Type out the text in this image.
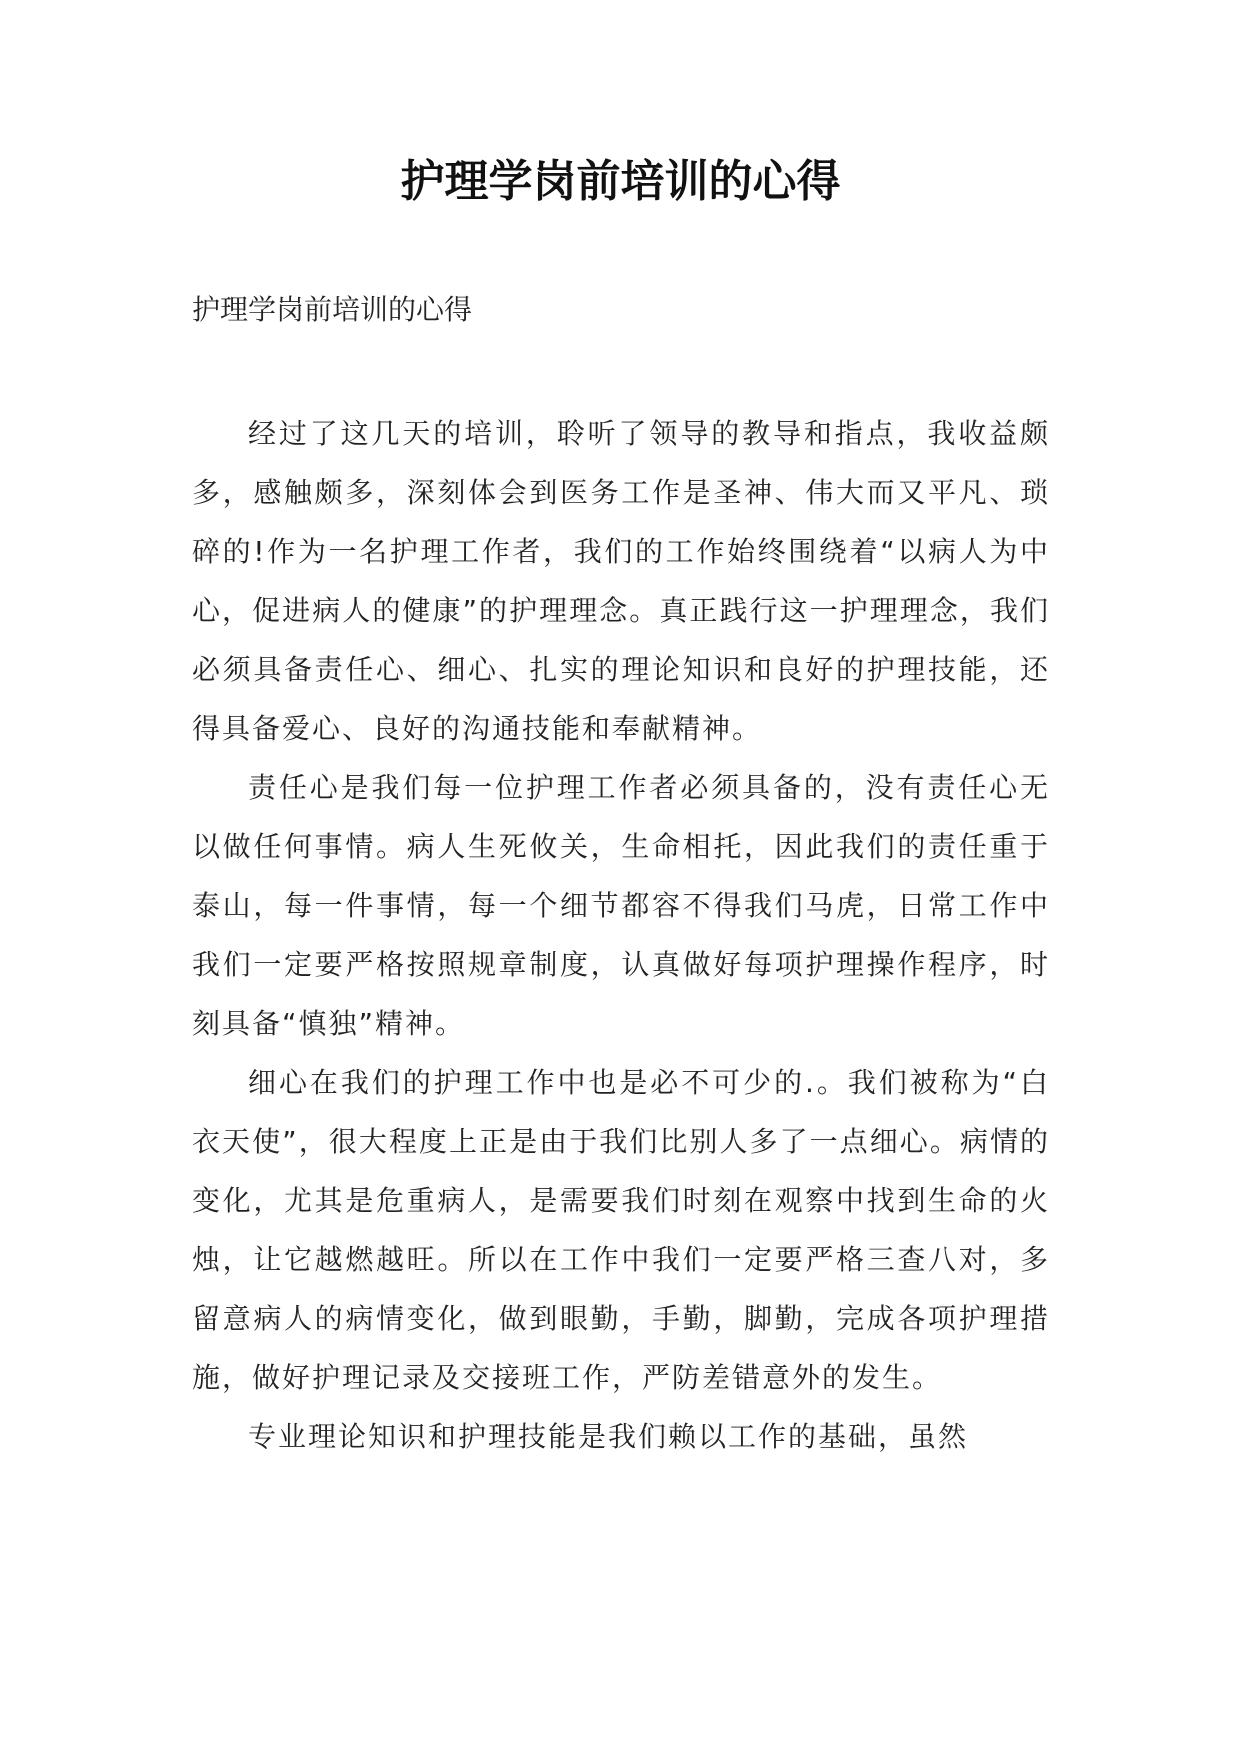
护理学岗前培训的心得

护理学岗前培训的心得

经过了这几天的培训，聆听了领导的教导和指点，我收益颇多，感触颇多，深刻体会到医务工作是圣神、伟大而又平凡、琐碎的!作为一名护理工作者，我们的工作始终围绕着“以病人为中心，促进病人的健康”的护理理念。真正践行这一护理理念，我们必须具备责任心、细心、扎实的理论知识和良好的护理技能，还得具备爱心、良好的沟通技能和奉献精神。

责任心是我们每一位护理工作者必须具备的，没有责任心无以做任何事情。病人生死攸关，生命相托，因此我们的责任重于泰山，每一件事情，每一个细节都容不得我们马虎，日常工作中我们一定要严格按照规章制度，认真做好每项护理操作程序，时刻具备“慎独”精神。

细心在我们的护理工作中也是必不可少的.。我们被称为“白衣天使”，很大程度上正是由于我们比别人多了一点细心。病情的变化，尤其是危重病人，是需要我们时刻在观察中找到生命的火烛，让它越燃越旺。所以在工作中我们一定要严格三查八对，多留意病人的病情变化，做到眼勤，手勤，脚勤，完成各项护理措施，做好护理记录及交接班工作，严防差错意外的发生。

专业理论知识和护理技能是我们赖以工作的基础，虽然
